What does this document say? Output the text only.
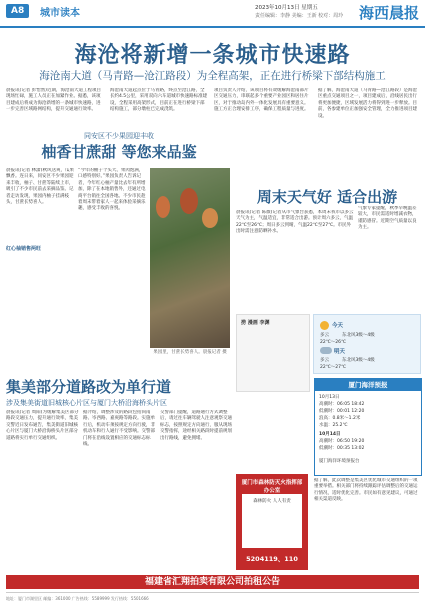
A8	城市读本	2023年10月13日 星期五
责任编辑：李静 美编：王新 校对：周玲 海西晨报
海沧将新增一条城市快速路
海沧南大道（马青路—沧江路段）为全程高架，正在进行桥梁下部结构施工
晨报讯(记者 彭怡然)近期，海沧南大道工程项目现场忙碌，施工人员正在加紧作业。据悉，该项目建成后将成为海沧新增的一条城市快速路，进一步完善区域路网结构，提升交通通行效率。
海沧南大道起点位于马青路，终点至沧江路，全长约4.5公里，采用双向六车道城市快速路标准建设，全程采用高架形式，目前正在进行桥梁下部结构施工，部分墩柱已完成浇筑。
项目负责人介绍，该项目将有效缓解海沧南部片区交通压力，串联起多个重要产业园区和居住片区，对于推动岛内外一体化发展具有重要意义。施工方正合理安排工序，确保工程质量与进度。
据了解，海沧南大道（马青路—沧江路段）是海沧区重点交通项目之一，项目建成后，沿线居民出行将更加便捷，区域发展活力将得到进一步释放。目前，各参建单位正加强安全管理，全力推进项目建设。
同安区不少果园迎丰收
柚香甘蔗甜 等您来品鉴
晨报讯(记者 林潇)秋风送爽，瓜果飘香。连日来，同安区不少果园迎来丰收，柚子、甘蔗等陆续上市，吸引了不少市民前去采摘品鉴。记者走访发现，果园内柚子挂满枝头，甘蔗长势喜人。
红心柚销售两旺
“今年的柚子个头大、果肉饱满，口感特别好。”果园负责人告诉记者，今年红心柚产量比去年有所增加，除了在本地销售外，还通过电商平台销往全国各地。不少市民趁着周末带着家人一起来体验采摘乐趣，感受丰收的喜悦。
果园里，甘蔗长势喜人。晨报记者 摄
周末天气好 适合出游
晨报讯(记者 陈薇)记者从市气象台获悉，本周末我市以多云天气为主，气温适宜，非常适合出游。预计周六多云，气温22℃至26℃；周日多云到晴，气温22℃至27℃。市民外出时需注意防晒补水。
气象专家提醒，秋季早晚温差较大，市民需适时增减衣物，谨防感冒。近期空气质量以良为主。
捞 漫画 李渊	今天
多云	东北风3级～4级
22℃～26℃
明天
多云	东北风3级～4级
22℃～27℃
厦门海洋预报
10月13日
高潮时：06:05 18:42
低潮时：00:01 12:20
浪高：0.8米～1.2米
水温：25.2℃
10月14日
高潮时：06:50 19:20
低潮时：00:35 13:02
厦门海洋环境预报台
集美部分道路改为单行道
涉及集美街道旧城核心片区与厦门大桥沿海桥头片区
晨报讯(记者 周阳)为缓解集美区部分路段交通压力，提升通行效率，集美交警近日发布通告，集美街道旧城核心片区与厦门大桥沿海桥头片区部分道路将实行单行交通组织。
据介绍，调整涉及的路段包括尚南路、岑西路、嘉庚路等路段。实施单行后，机动车须按规定方向行驶，非机动车和行人通行不受影响。交警部门将在沿线设置相应的交通标志标线。
交警部门提醒，道路通行方式调整后，请过往车辆驾驶人注意观察交通标志，按照规定方向通行，服从现场交警指挥，途经相关路段时提前规划出行路线，避免拥堵。
厦门市森林防灭火指挥部办公室
森林防火 人人有责
5204119、110
据了解，此次调整是集美区优化城市交通组织的一项重要举措。相关部门将持续跟踪评估调整后的交通运行情况，适时优化完善。市民如有意见建议，可通过相关渠道反映。
福建省汇翔拍卖有限公司拍租公告
地址：厦门市湖里区 邮编：361000 广告热线：5589999 发行热线：5501666
